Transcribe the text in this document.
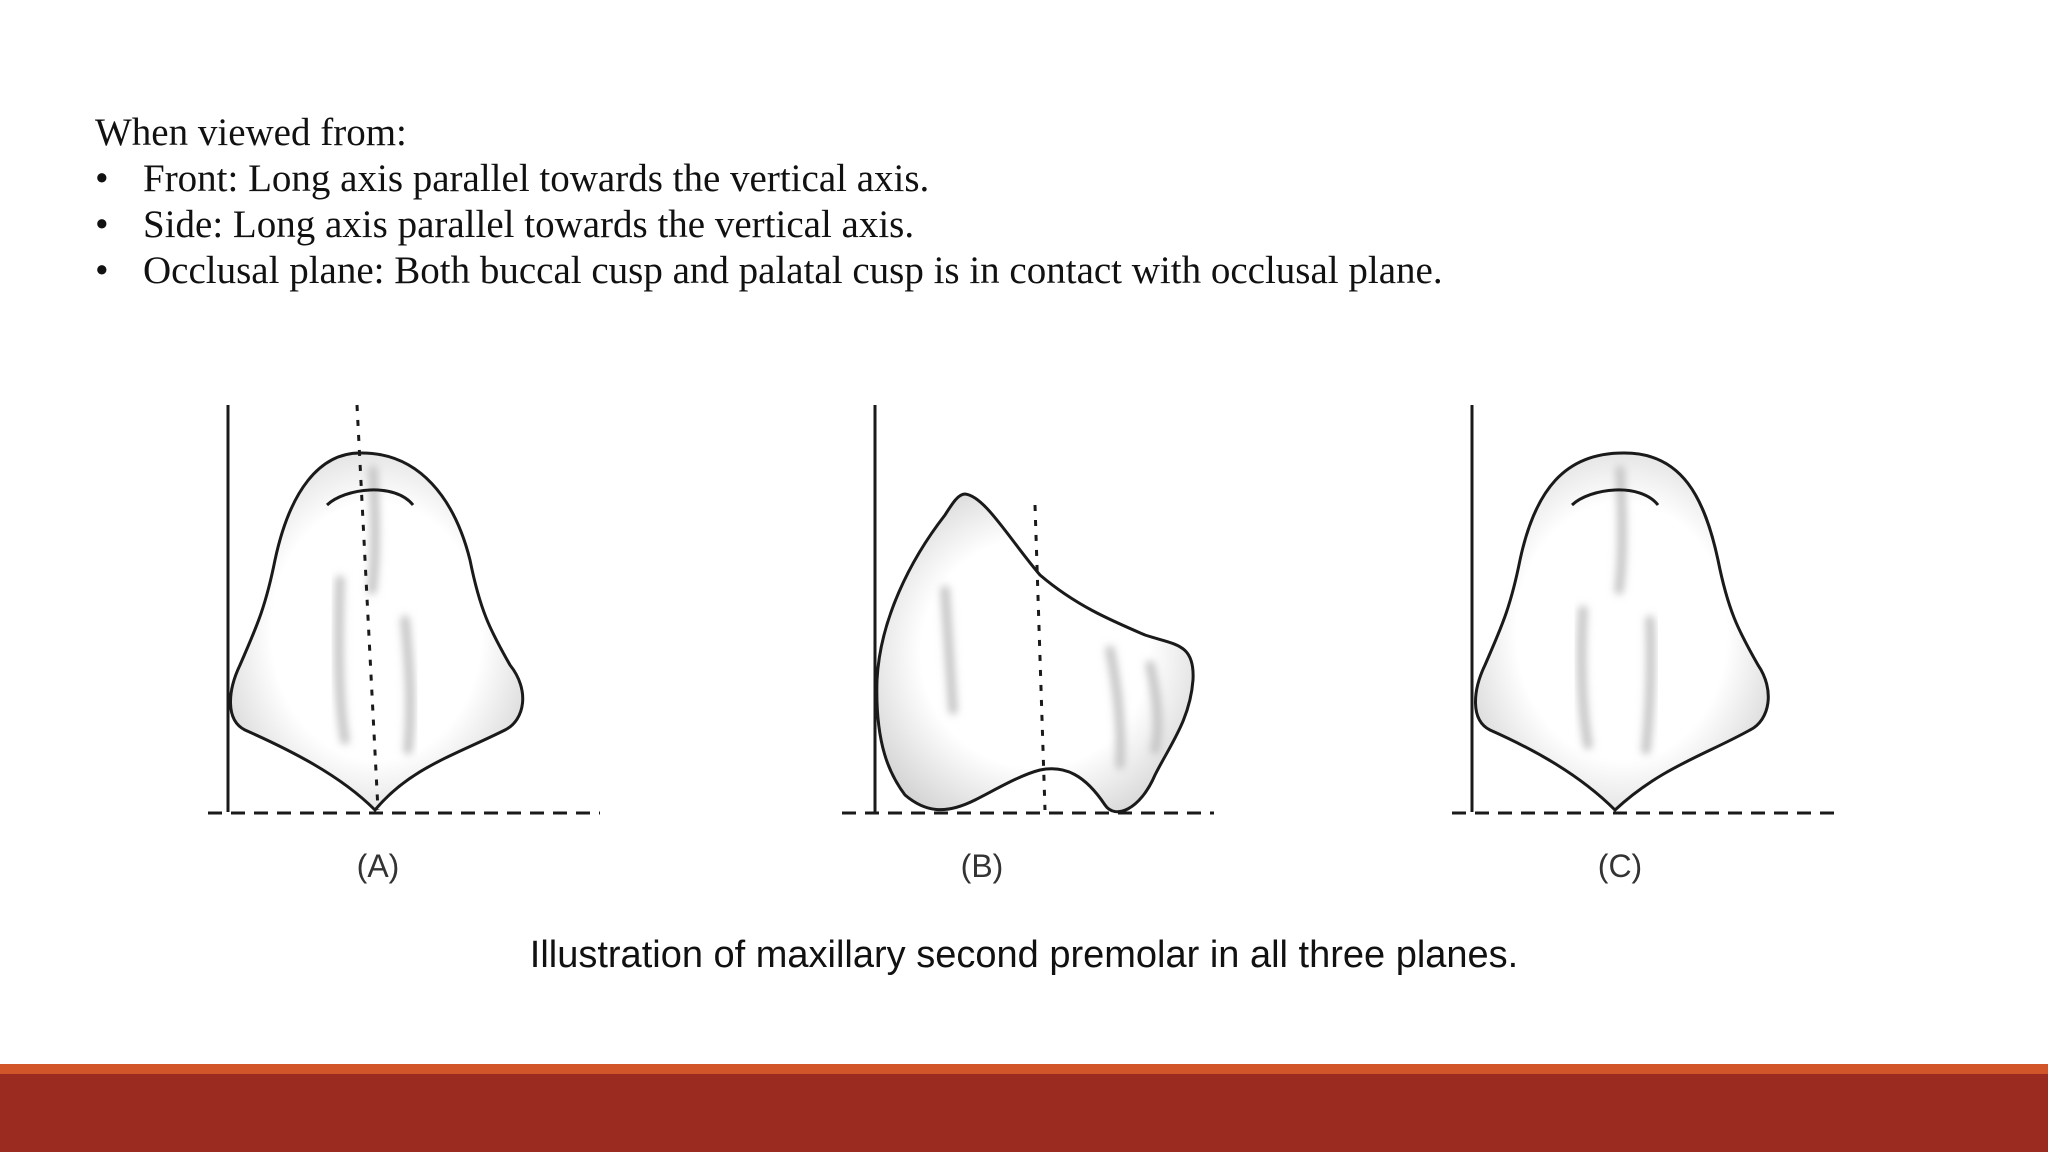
When viewed from:
• Front: Long axis parallel towards the vertical axis.
• Side: Long axis parallel towards the vertical axis.
• Occlusal plane: Both buccal cusp and palatal cusp is in contact with occlusal plane.
(A)	(B)	(C)
Illustration of maxillary second premolar in all three planes.
